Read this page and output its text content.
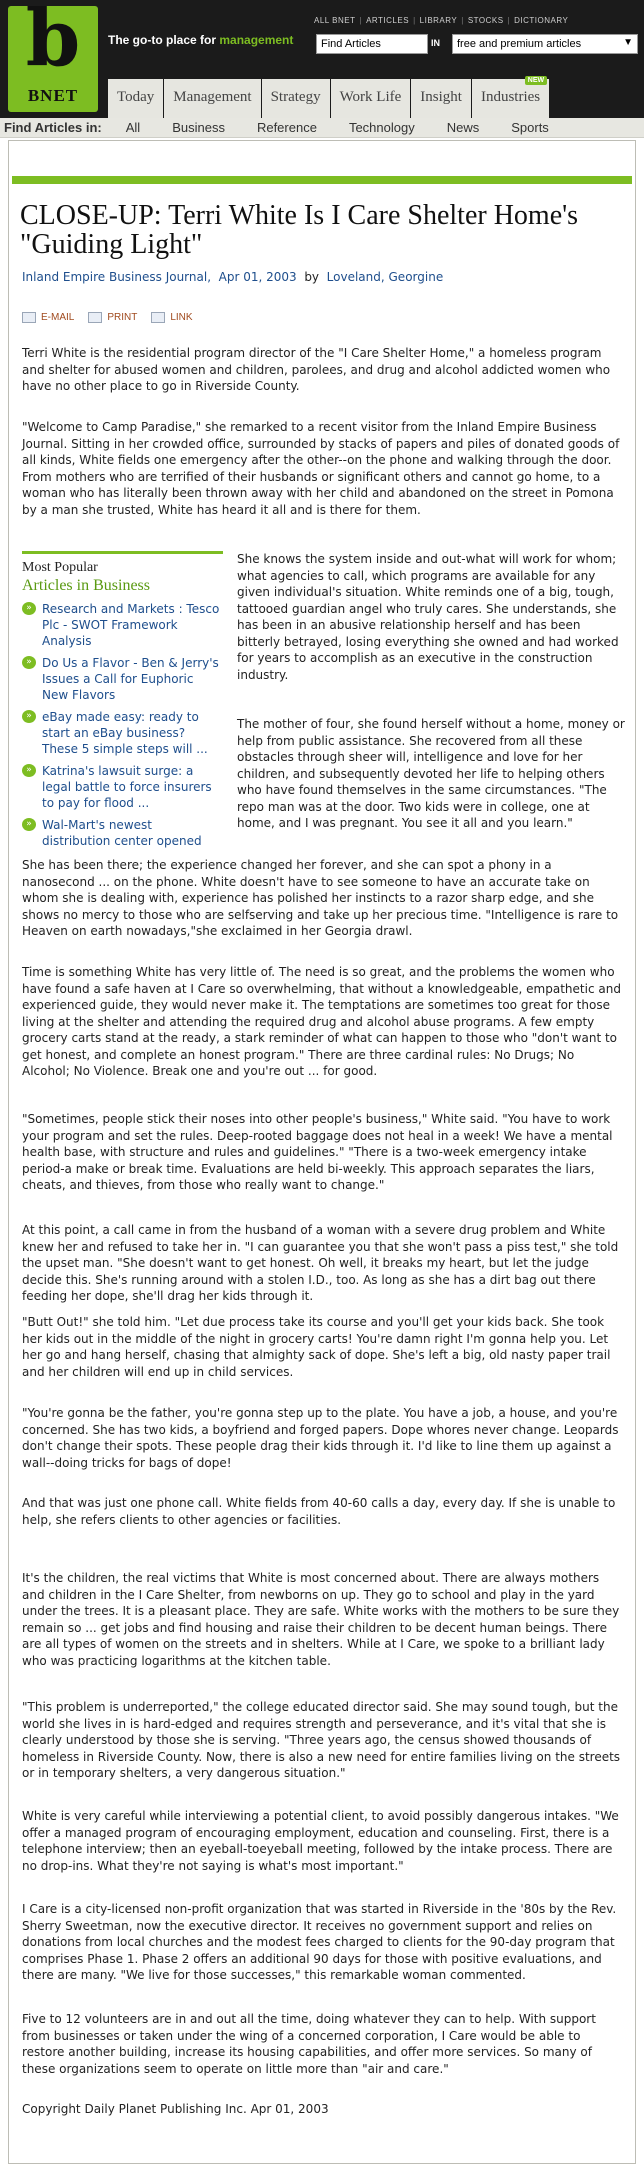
b
BNET
The go-to place for management
ALL BNET | ARTICLES | LIBRARY | STOCKS | DICTIONARY
Find Articles	IN	free and premium articles	▼
Today	Management	Strategy	Work Life	Insight	Industries
NEW
Find Articles in: All Business Reference Technology News Sports
CLOSE-UP: Terri White Is I Care Shelter Home's "Guiding Light"
Inland Empire Business Journal,  Apr 01, 2003 by Loveland, Georgine
E-MAIL	PRINT	LINK

Terri White is the residential program director of the "I Care Shelter Home," a homeless program and shelter for abused women and children, parolees, and drug and alcohol addicted women who have no other place to go in Riverside County.

"Welcome to Camp Paradise," she remarked to a recent visitor from the Inland Empire Business Journal. Sitting in her crowded office, surrounded by stacks of papers and piles of donated goods of all kinds, White fields one emergency after the other--on the phone and walking through the door. From mothers who are terrified of their husbands or significant others and cannot go home, to a woman who has literally been thrown away with her child and abandoned on the street in Pomona by a man she trusted, White has heard it all and is there for them.

Most Popular
Articles in Business
» Research and Markets : Tesco Plc - SWOT Framework Analysis
» Do Us a Flavor - Ben & Jerry's Issues a Call for Euphoric New Flavors
» eBay made easy: ready to start an eBay business? These 5 simple steps will ...
» Katrina's lawsuit surge: a legal battle to force insurers to pay for flood ...
» Wal-Mart's newest distribution center opened

She knows the system inside and out-what will work for whom; what agencies to call, which programs are available for any given individual's situation. White reminds one of a big, tough, tattooed guardian angel who truly cares. She understands, she has been in an abusive relationship herself and has been bitterly betrayed, losing everything she owned and had worked for years to accomplish as an executive in the construction industry.

The mother of four, she found herself without a home, money or help from public assistance. She recovered from all these obstacles through sheer will, intelligence and love for her children, and subsequently devoted her life to helping others who have found themselves in the same circumstances. "The repo man was at the door. Two kids were in college, one at home, and I was pregnant. You see it all and you learn."

She has been there; the experience changed her forever, and she can spot a phony in a nanosecond ... on the phone. White doesn't have to see someone to have an accurate take on whom she is dealing with, experience has polished her instincts to a razor sharp edge, and she shows no mercy to those who are selfserving and take up her precious time. "Intelligence is rare to Heaven on earth nowadays,"she exclaimed in her Georgia drawl.

Time is something White has very little of. The need is so great, and the problems the women who have found a safe haven at I Care so overwhelming, that without a knowledgeable, empathetic and experienced guide, they would never make it. The temptations are sometimes too great for those living at the shelter and attending the required drug and alcohol abuse programs. A few empty grocery carts stand at the ready, a stark reminder of what can happen to those who "don't want to get honest, and complete an honest program." There are three cardinal rules: No Drugs; No Alcohol; No Violence. Break one and you're out ... for good.

"Sometimes, people stick their noses into other people's business," White said. "You have to work your program and set the rules. Deep-rooted baggage does not heal in a week! We have a mental health base, with structure and rules and guidelines." "There is a two-week emergency intake period-a make or break time. Evaluations are held bi-weekly. This approach separates the liars, cheats, and thieves, from those who really want to change."

At this point, a call came in from the husband of a woman with a severe drug problem and White knew her and refused to take her in. "I can guarantee you that she won't pass a piss test," she told the upset man. "She doesn't want to get honest. Oh well, it breaks my heart, but let the judge decide this. She's running around with a stolen I.D., too. As long as she has a dirt bag out there feeding her dope, she'll drag her kids through it.

"Butt Out!" she told him. "Let due process take its course and you'll get your kids back. She took her kids out in the middle of the night in grocery carts! You're damn right I'm gonna help you. Let her go and hang herself, chasing that almighty sack of dope. She's left a big, old nasty paper trail and her children will end up in child services.

"You're gonna be the father, you're gonna step up to the plate. You have a job, a house, and you're concerned. She has two kids, a boyfriend and forged papers. Dope whores never change. Leopards don't change their spots. These people drag their kids through it. I'd like to line them up against a wall--doing tricks for bags of dope!

And that was just one phone call. White fields from 40-60 calls a day, every day. If she is unable to help, she refers clients to other agencies or facilities.

It's the children, the real victims that White is most concerned about. There are always mothers and children in the I Care Shelter, from newborns on up. They go to school and play in the yard under the trees. It is a pleasant place. They are safe. White works with the mothers to be sure they remain so ... get jobs and find housing and raise their children to be decent human beings. There are all types of women on the streets and in shelters. While at I Care, we spoke to a brilliant lady who was practicing logarithms at the kitchen table.

"This problem is underreported," the college educated director said. She may sound tough, but the world she lives in is hard-edged and requires strength and perseverance, and it's vital that she is clearly understood by those she is serving. "Three years ago, the census showed thousands of homeless in Riverside County. Now, there is also a new need for entire families living on the streets or in temporary shelters, a very dangerous situation."

White is very careful while interviewing a potential client, to avoid possibly dangerous intakes. "We offer a managed program of encouraging employment, education and counseling. First, there is a telephone interview; then an eyeball-toeyeball meeting, followed by the intake process. There are no drop-ins. What they're not saying is what's most important."

I Care is a city-licensed non-profit organization that was started in Riverside in the '80s by the Rev. Sherry Sweetman, now the executive director. It receives no government support and relies on donations from local churches and the modest fees charged to clients for the 90-day program that comprises Phase 1. Phase 2 offers an additional 90 days for those with positive evaluations, and there are many. "We live for those successes," this remarkable woman commented.

Five to 12 volunteers are in and out all the time, doing whatever they can to help. With support from businesses or taken under the wing of a concerned corporation, I Care would be able to restore another building, increase its housing capabilities, and offer more services. So many of these organizations seem to operate on little more than "air and care."

Copyright Daily Planet Publishing Inc. Apr 01, 2003
